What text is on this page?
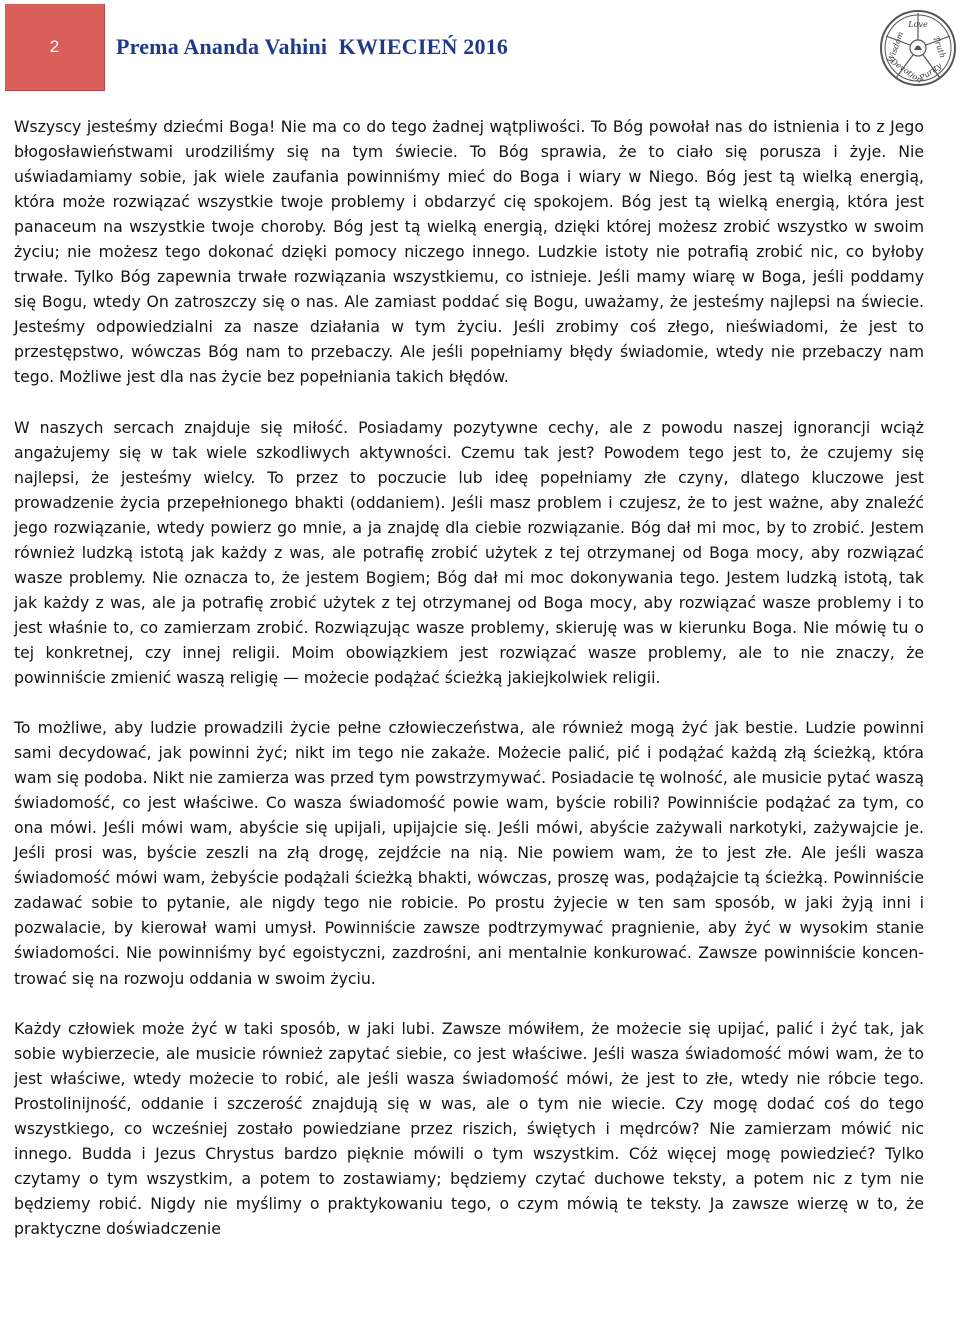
2	Prema Ananda Vahini  KWIECIEŃ 2016
Love
Truth
Purity
Devotion
Wisdom

Wszyscy jesteśmy dziećmi Boga! Nie ma co do tego żadnej wątpliwości. To Bóg powołał nas do istnienia i to z Jego błogosławieństwami urodziliśmy się na tym świecie. To Bóg sprawia, że to ciało się porusza i żyje. Nie uświadamiamy sobie, jak wiele zaufania powinniśmy mieć do Boga i wiary w Niego. Bóg jest tą wielką energią, która może rozwiązać wszystkie twoje problemy i obdarzyć cię spokojem. Bóg jest tą wielką energią, która jest panaceum na wszystkie twoje choroby. Bóg jest tą wielką energią, dzięki której możesz zrobić wszystko w swoim życiu; nie możesz tego dokonać dzięki pomocy niczego innego. Ludzkie istoty nie potrafią zrobić nic, co byłoby trwałe. Tylko Bóg zapewnia trwałe rozwiązania wszystkiemu, co istnieje. Jeśli mamy wiarę w Boga, jeśli poddamy się Bogu, wtedy On zatroszczy się o nas. Ale zamiast poddać się Bogu, uważamy, że jesteśmy najlepsi na świecie. Jesteśmy odpowiedzialni za nasze działania w tym życiu. Jeśli zrobimy coś złego, nieświadomi, że jest to przestępstwo, wówczas Bóg nam to przebaczy. Ale jeśli popełniamy błędy świadomie, wtedy nie przebaczy nam tego. Możliwe jest dla nas życie bez popełniania takich błędów.

W naszych sercach znajduje się miłość. Posiadamy pozytywne cechy, ale z powodu naszej ignorancji wciąż angażujemy się w tak wiele szkodliwych aktywności. Czemu tak jest? Powodem tego jest to, że czujemy się najlepsi, że jesteśmy wielcy. To przez to poczucie lub ideę popełniamy złe czyny, dlatego kluczowe jest prowadzenie życia przepełnionego bhakti (oddaniem). Jeśli masz problem i czujesz, że to jest ważne, aby znaleźć jego rozwiązanie, wtedy powierz go mnie, a ja znajdę dla ciebie rozwiązanie. Bóg dał mi moc, by to zrobić. Jestem również ludzką istotą jak każdy z was, ale potrafię zrobić użytek z tej otrzymanej od Boga mocy, aby rozwiązać wasze problemy. Nie oznacza to, że jestem Bogiem; Bóg dał mi moc dokonywania tego. Jestem ludzką istotą, tak jak każdy z was, ale ja potrafię zrobić użytek z tej otrzymanej od Boga mocy, aby rozwiązać wasze problemy i to jest właśnie to, co zamierzam zrobić. Rozwiązując wasze problemy, skieruję was w kierunku Boga. Nie mówię tu o tej konkretnej, czy innej religii. Moim obowiązkiem jest rozwiązać wasze problemy, ale to nie znaczy, że powinniście zmienić waszą religię — możecie podążać ścieżką jakiejkolwiek religii.

To możliwe, aby ludzie prowadzili życie pełne człowieczeństwa, ale również mogą żyć jak bestie. Ludzie powinni sami decydować, jak powinni żyć; nikt im tego nie zakaże. Możecie palić, pić i podążać każdą złą ścieżką, która wam się podoba. Nikt nie zamierza was przed tym powstrzymywać. Posiadacie tę wolność, ale musicie pytać waszą świadomość, co jest właściwe. Co wasza świadomość powie wam, byście robili? Powinniście podążać za tym, co ona mówi. Jeśli mówi wam, abyście się upijali, upijajcie się. Jeśli mówi, abyście zażywali narkotyki, zażywajcie je. Jeśli prosi was, byście zeszli na złą drogę, zejdźcie na nią. Nie powiem wam, że to jest złe. Ale jeśli wasza świadomość mówi wam, żebyście podążali ścieżką bhakti, wówczas, proszę was, podążajcie tą ścieżką. Powinniście zadawać sobie to pytanie, ale nigdy tego nie robicie. Po prostu żyjecie w ten sam sposób, w jaki żyją inni i pozwalacie, by kierował wami umysł. Powinniście zawsze podtrzymywać pragnienie, aby żyć w wysokim stanie świadomości. Nie powinniśmy być egoistyczni, zazdrośni, ani mentalnie konkurować. Zawsze powinniście koncentrować się na rozwoju oddania w swoim życiu.

Każdy człowiek może żyć w taki sposób, w jaki lubi. Zawsze mówiłem, że możecie się upijać, palić i żyć tak, jak sobie wybierzecie, ale musicie również zapytać siebie, co jest właściwe. Jeśli wasza świadomość mówi wam, że to jest właściwe, wtedy możecie to robić, ale jeśli wasza świadomość mówi, że jest to złe, wtedy nie róbcie tego. Prostolinijność, oddanie i szczerość znajdują się w was, ale o tym nie wiecie. Czy mogę dodać coś do tego wszystkiego, co wcześniej zostało powiedziane przez riszich, świętych i mędrców? Nie zamierzam mówić nic innego. Budda i Jezus Chrystus bardzo pięknie mówili o tym wszystkim. Cóż więcej mogę powiedzieć? Tylko czytamy o tym wszystkim, a potem to zostawiamy; będziemy czytać duchowe teksty, a potem nic z tym nie będziemy robić. Nigdy nie myślimy o praktykowaniu tego, o czym mówią te teksty. Ja zawsze wierzę w to, że praktyczne doświadczenie
